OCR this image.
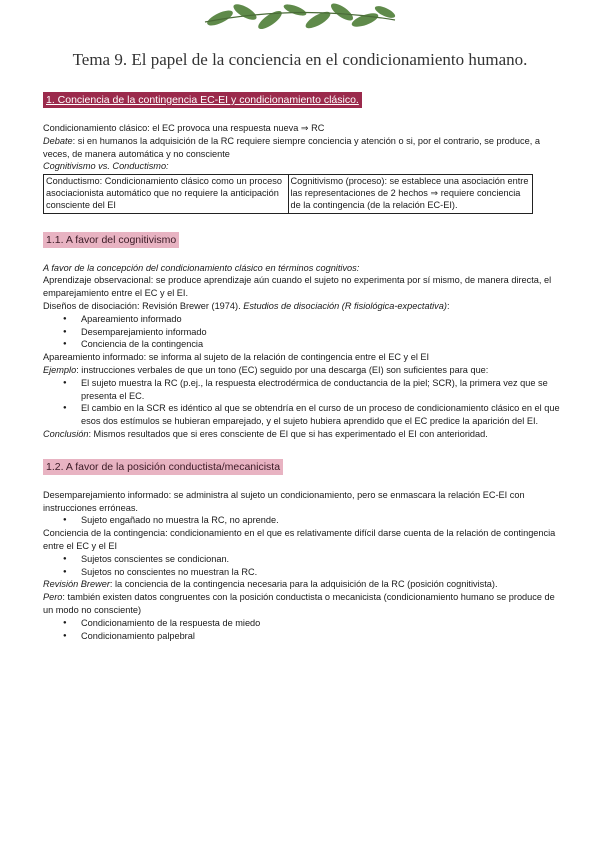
Tema 9. El papel de la conciencia en el condicionamiento humano.
1. Conciencia de la contingencia EC-EI y condicionamiento clásico.
Condicionamiento clásico: el EC provoca una respuesta nueva ⇒ RC
Debate: si en humanos la adquisición de la RC requiere siempre conciencia y atención o si, por el contrario, se produce, a veces, de manera automática y no consciente
Cognitivismo vs. Conductismo:
Conductismo: Condicionamiento clásico como un proceso asociacionista automático que no requiere la anticipación consciente del EI	Cognitivismo (proceso): se establece una asociación entre las representaciones de 2 hechos ⇒ requiere conciencia de la contingencia (de la relación EC-EI).
1.1. A favor del cognitivismo
A favor de la concepción del condicionamiento clásico en términos cognitivos:
Aprendizaje observacional: se produce aprendizaje aún cuando el sujeto no experimenta por sí mismo, de manera directa, el emparejamiento entre el EC y el EI.
Diseños de disociación: Revisión Brewer (1974). Estudios de disociación (R fisiológica-expectativa):
● Apareamiento informado
● Desemparejamiento informado
● Conciencia de la contingencia
Apareamiento informado: se informa al sujeto de la relación de contingencia entre el EC y el EI
Ejemplo: instrucciones verbales de que un tono (EC) seguido por una descarga (EI) son suficientes para que:
● El sujeto muestra la RC (p.ej., la respuesta electrodérmica de conductancia de la piel; SCR), la primera vez que se presenta el EC.
● El cambio en la SCR es idéntico al que se obtendría en el curso de un proceso de condicionamiento clásico en el que esos dos estímulos se hubieran emparejado, y el sujeto hubiera aprendido que el EC predice la aparición del EI.
Conclusión: Mismos resultados que si eres consciente de EI que si has experimentado el EI con anterioridad.
1.2. A favor de la posición conductista/mecanicista
Desemparejamiento informado: se administra al sujeto un condicionamiento, pero se enmascara la relación EC-EI con instrucciones erróneas.
● Sujeto engañado no muestra la RC, no aprende.
Conciencia de la contingencia: condicionamiento en el que es relativamente difícil darse cuenta de la relación de contingencia entre el EC y el EI
● Sujetos conscientes se condicionan.
● Sujetos no conscientes no muestran la RC.
Revisión Brewer: la conciencia de la contingencia necesaria para la adquisición de la RC (posición cognitivista).
Pero: también existen datos congruentes con la posición conductista o mecanicista (condicionamiento humano se produce de un modo no consciente)
● Condicionamiento de la respuesta de miedo
● Condicionamiento palpebral
